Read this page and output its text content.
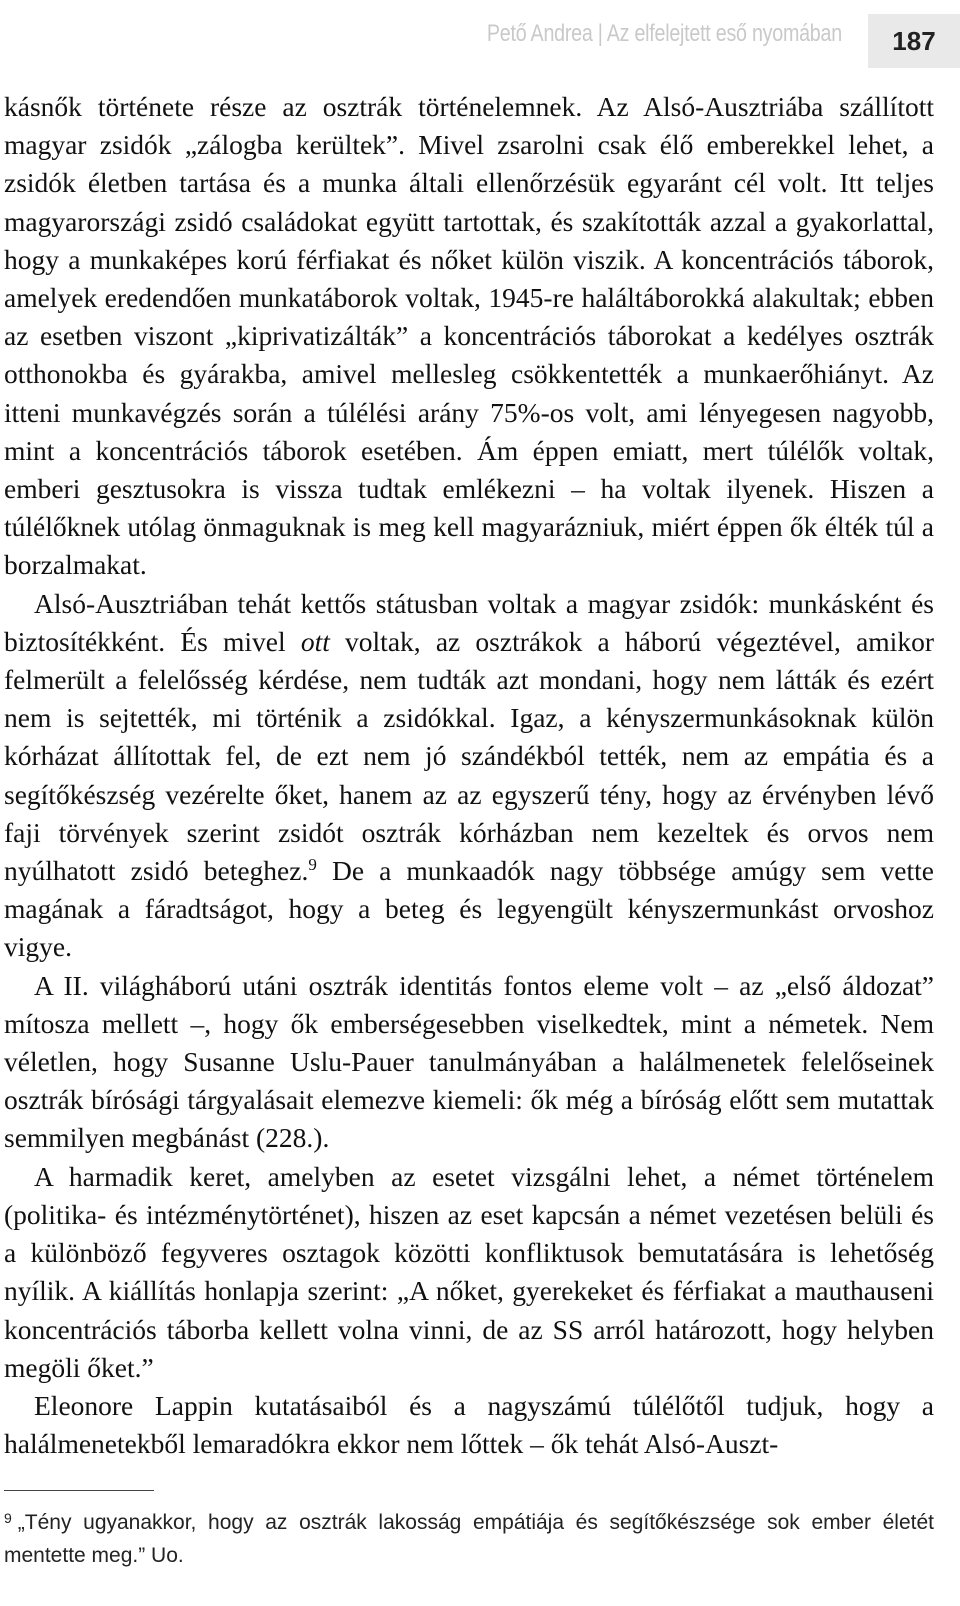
Pető Andrea | Az elfelejtett eső nyomában	187

kásnők története része az osztrák történelemnek. Az Alsó-Ausztriába szállított magyar zsidók „zálogba kerültek”. Mivel zsarolni csak élő emberekkel lehet, a zsidók életben tartása és a munka általi ellenőrzésük egyaránt cél volt. Itt teljes magyarországi zsidó családokat együtt tartottak, és szakították azzal a gyakorlattal, hogy a munkaképes korú férfiakat és nőket külön viszik. A koncentrációs táborok, amelyek eredendően munkatáborok voltak, 1945-re haláltáborokká alakultak; ebben az esetben viszont „kiprivatizálták” a koncentrációs táborokat a kedélyes osztrák otthonokba és gyárakba, amivel mellesleg csökkentették a munkaerőhiányt. Az itteni munkavégzés során a túlélési arány 75%-os volt, ami lényegesen nagyobb, mint a koncentrációs táborok esetében. Ám éppen emiatt, mert túlélők voltak, emberi gesztusokra is vissza tudtak emlékezni – ha voltak ilyenek. Hiszen a túlélőknek utólag önmaguknak is meg kell magyarázniuk, miért éppen ők élték túl a borzalmakat.

Alsó-Ausztriában tehát kettős státusban voltak a magyar zsidók: munkásként és biztosítékként. És mivel ott voltak, az osztrákok a háború végeztével, amikor felmerült a felelősség kérdése, nem tudták azt mondani, hogy nem látták és ezért nem is sejtették, mi történik a zsidókkal. Igaz, a kényszermunkásoknak külön kórházat állítottak fel, de ezt nem jó szándékból tették, nem az empátia és a segítőkészség vezérelte őket, hanem az az egyszerű tény, hogy az érvényben lévő faji törvények szerint zsidót osztrák kórházban nem kezeltek és orvos nem nyúlhatott zsidó beteghez.$^9$ De a munkaadók nagy többsége amúgy sem vette magának a fáradtságot, hogy a beteg és legyengült kényszermunkást orvoshoz vigye.

A II. világháború utáni osztrák identitás fontos eleme volt – az „első áldozat” mítosza mellett –, hogy ők emberségesebben viselkedtek, mint a németek. Nem véletlen, hogy Susanne Uslu-Pauer tanulmányában a halálmenetek felelőseinek osztrák bírósági tárgyalásait elemezve kiemeli: ők még a bíróság előtt sem mutattak semmilyen megbánást (228.).

A harmadik keret, amelyben az esetet vizsgálni lehet, a német történelem (politika- és intézménytörténet), hiszen az eset kapcsán a német vezetésen belüli és a különböző fegyveres osztagok közötti konfliktusok bemutatására is lehetőség nyílik. A kiállítás honlapja szerint: „A nőket, gyerekeket és férfiakat a mauthauseni koncentrációs táborba kellett volna vinni, de az SS arról határozott, hogy helyben megöli őket.”

Eleonore Lappin kutatásaiból és a nagyszámú túlélőtől tudjuk, hogy a halálmenetekből lemaradókra ekkor nem lőttek – ők tehát Alsó-Auszt-

$^9$ „Tény ugyanakkor, hogy az osztrák lakosság empátiája és segítőkészsége sok ember életét mentette meg.” Uo.
